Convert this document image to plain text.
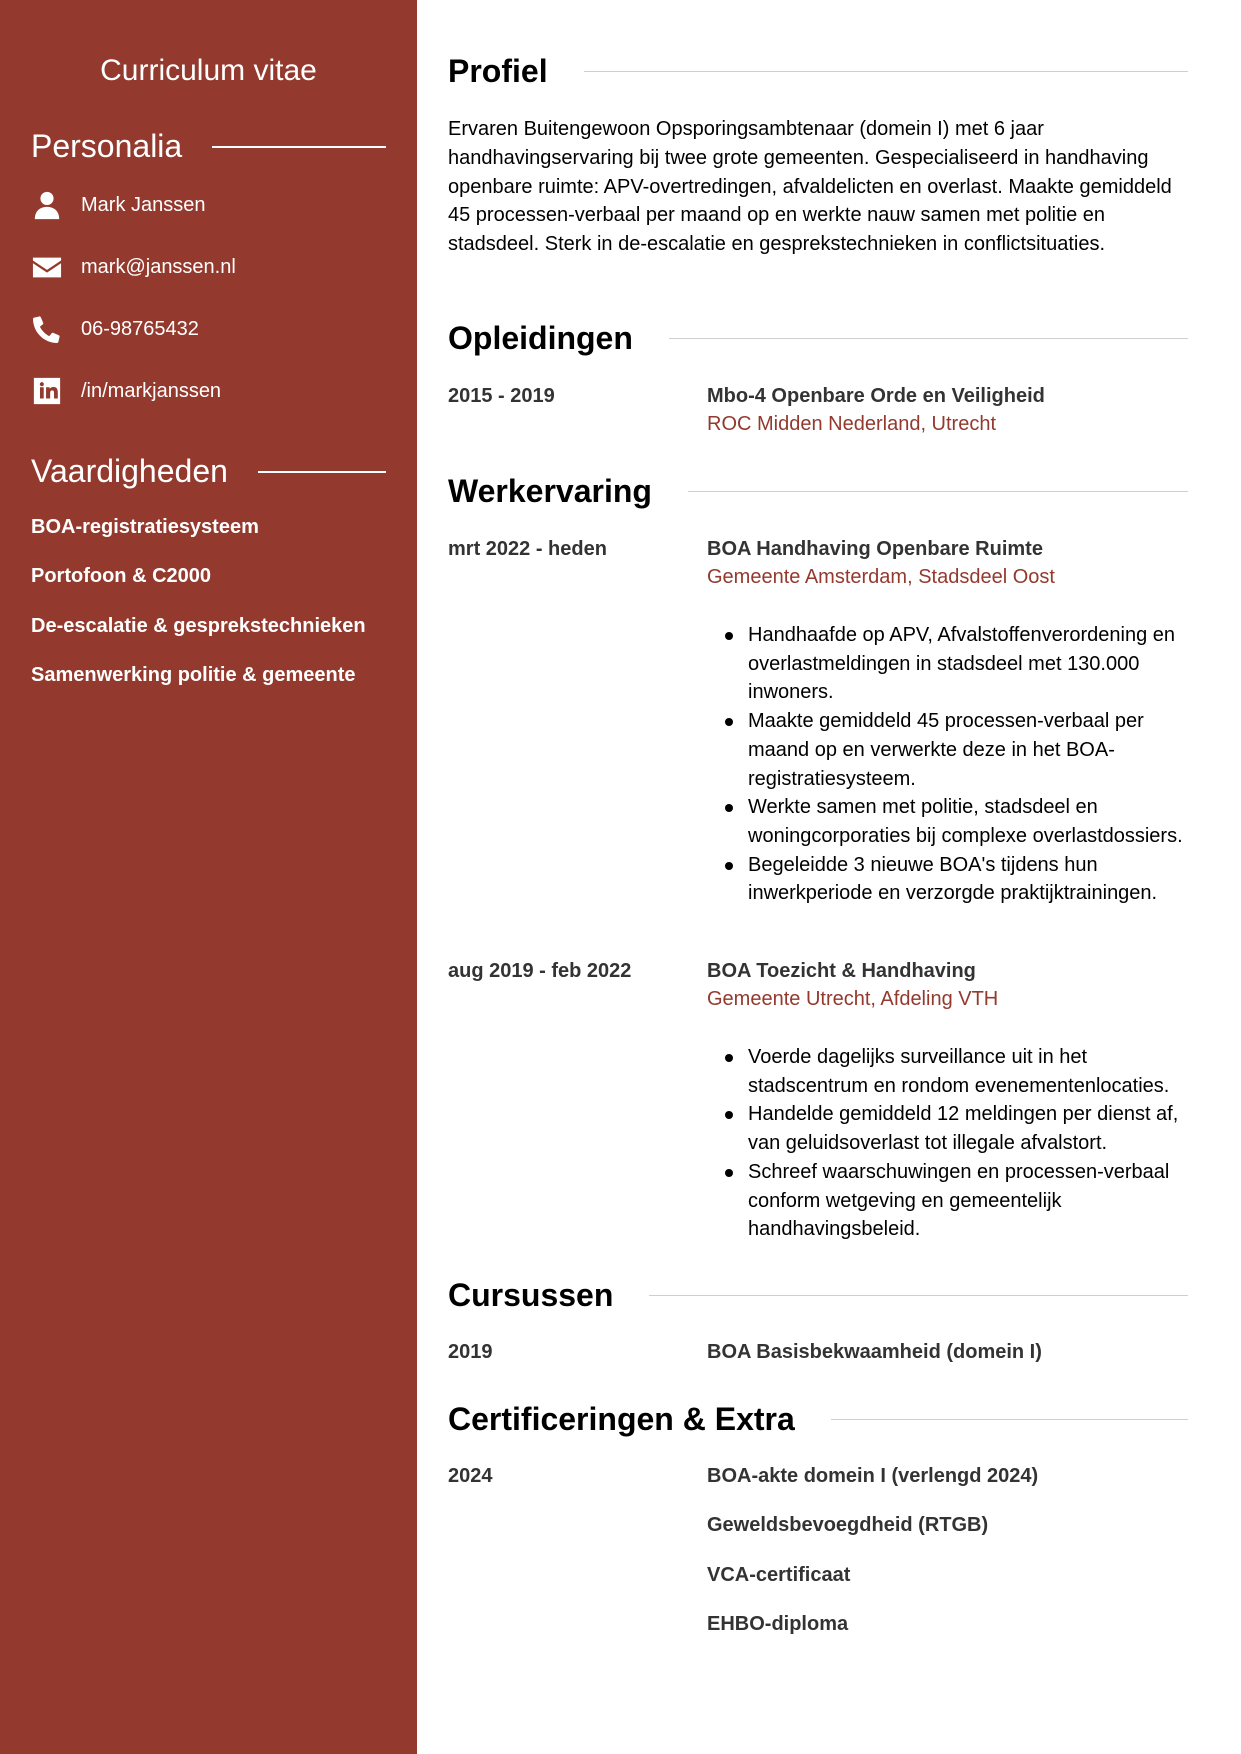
Curriculum vitae
Personalia
Mark Janssen
mark@janssen.nl
06-98765432
/in/markjanssen
Vaardigheden
BOA-registratiesysteem
Portofoon & C2000
De-escalatie & gesprekstechnieken
Samenwerking politie & gemeente
Profiel
Ervaren Buitengewoon Opsporingsambtenaar (domein I) met 6 jaar handhavingservaring bij twee grote gemeenten. Gespecialiseerd in handhaving openbare ruimte: APV-overtredingen, afvaldelicten en overlast. Maakte gemiddeld 45 processen-verbaal per maand op en werkte nauw samen met politie en stadsdeel. Sterk in de-escalatie en gesprekstechnieken in conflictsituaties.
Opleidingen
2015 - 2019	Mbo-4 Openbare Orde en Veiligheid
ROC Midden Nederland, Utrecht
Werkervaring
mrt 2022 - heden	BOA Handhaving Openbare Ruimte
Gemeente Amsterdam, Stadsdeel Oost
Handhaafde op APV, Afvalstoffenverordening en overlastmeldingen in stadsdeel met 130.000 inwoners.
Maakte gemiddeld 45 processen-verbaal per maand op en verwerkte deze in het BOA-registratiesysteem.
Werkte samen met politie, stadsdeel en woningcorporaties bij complexe overlastdossiers.
Begeleidde 3 nieuwe BOA's tijdens hun inwerkperiode en verzorgde praktijktrainingen.
aug 2019 - feb 2022	BOA Toezicht & Handhaving
Gemeente Utrecht, Afdeling VTH
Voerde dagelijks surveillance uit in het stadscentrum en rondom evenementenlocaties.
Handelde gemiddeld 12 meldingen per dienst af, van geluidsoverlast tot illegale afvalstort.
Schreef waarschuwingen en processen-verbaal conform wetgeving en gemeentelijk handhavingsbeleid.
Cursussen
2019	BOA Basisbekwaamheid (domein I)
Certificeringen & Extra
2024	BOA-akte domein I (verlengd 2024)
Geweldsbevoegdheid (RTGB)
VCA-certificaat
EHBO-diploma
